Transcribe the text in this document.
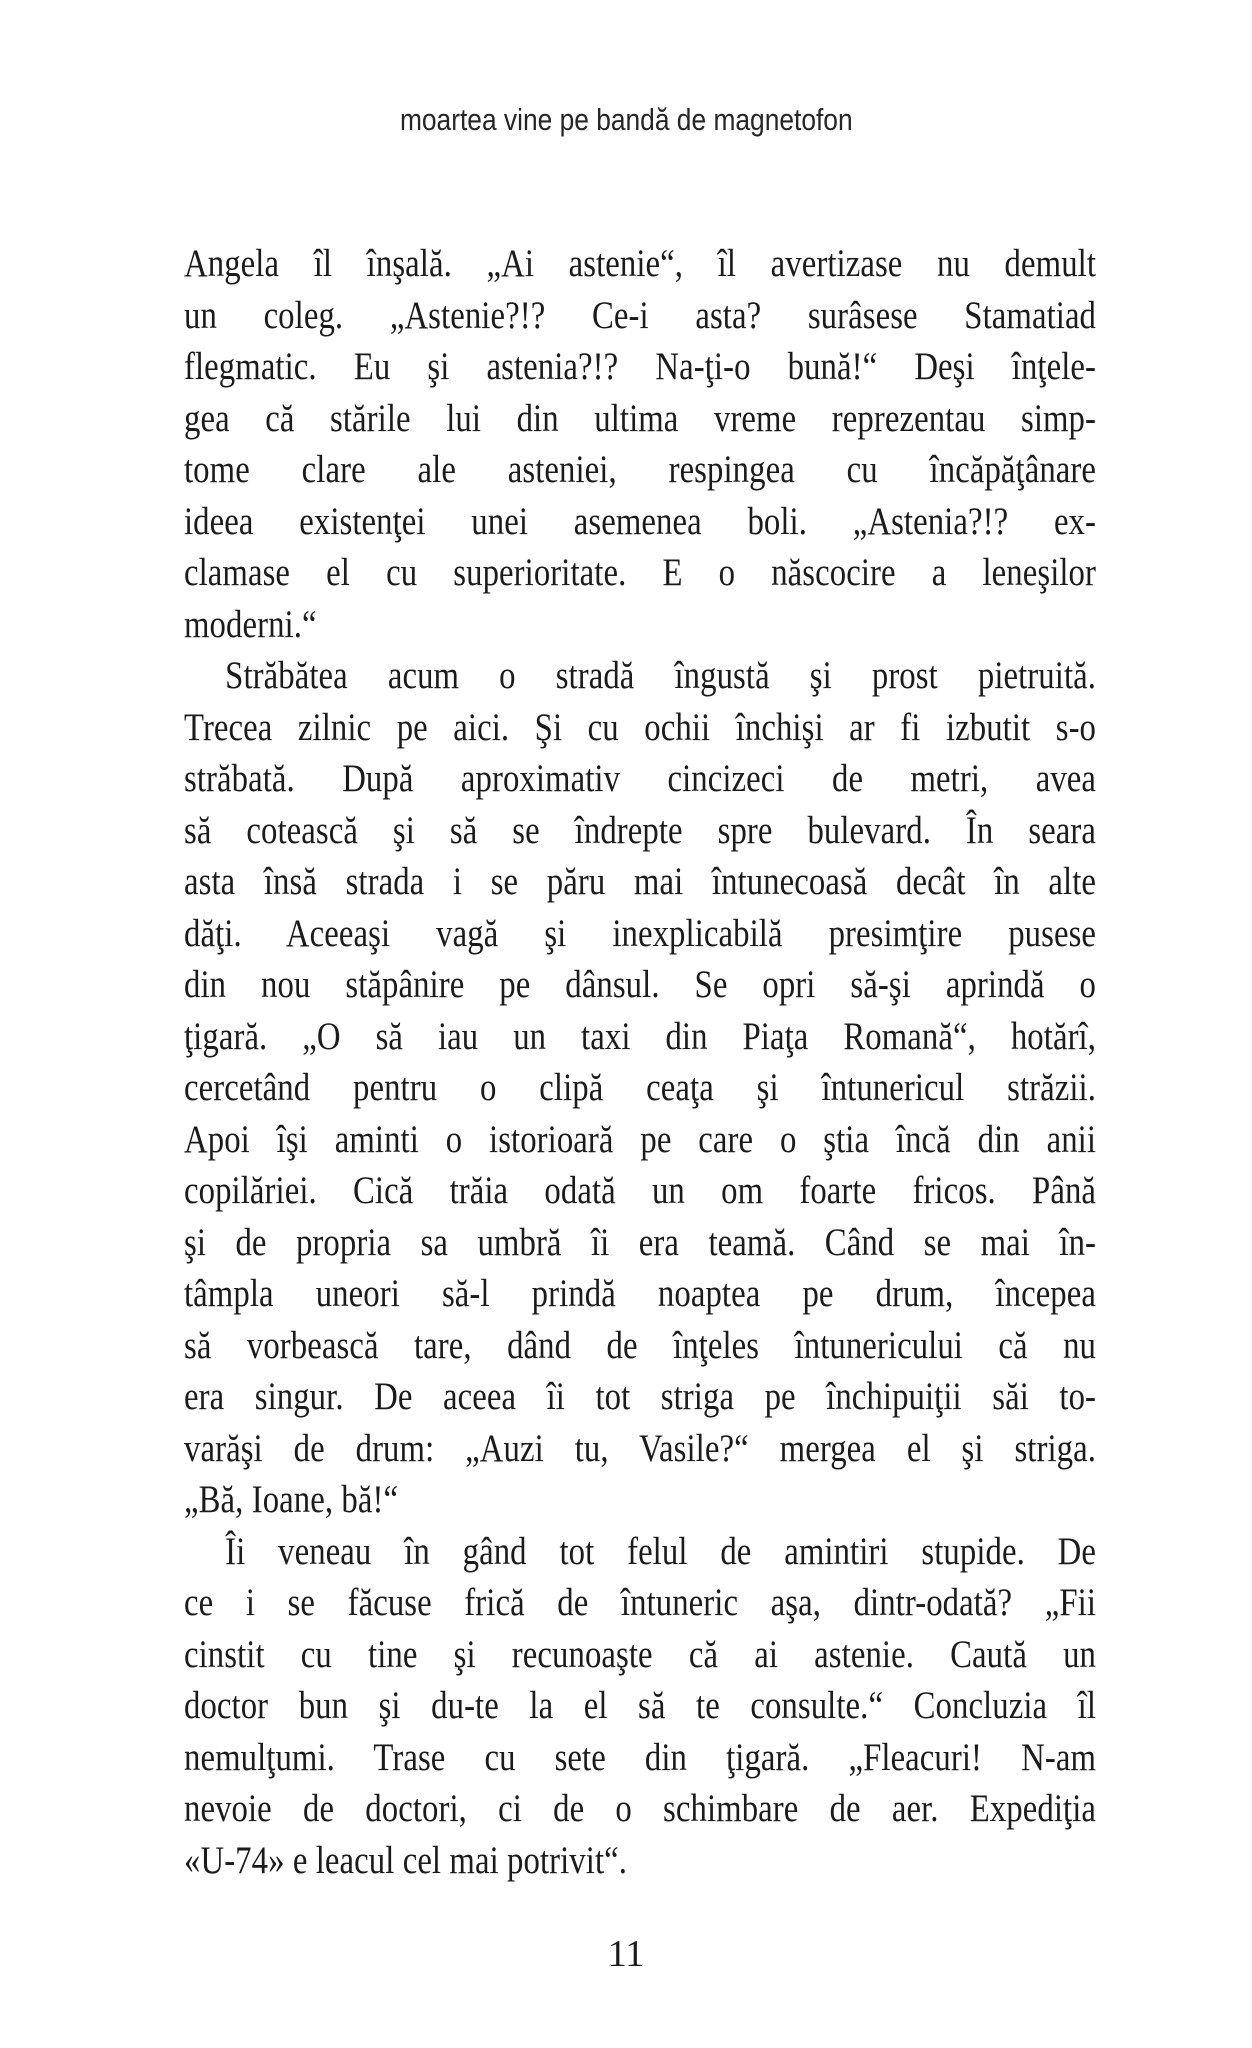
moartea vine pe bandă de magnetofon
Angela îl înşală. „Ai astenie“, îl avertizase nu demult
un coleg. „Astenie?!? Ce-i asta? surâsese Stamatiad
flegmatic. Eu şi astenia?!? Na-ţi-o bună!“ Deşi înţele-
gea că stările lui din ultima vreme reprezentau simp-
tome clare ale asteniei, respingea cu încăpăţânare
ideea existenţei unei asemenea boli. „Astenia?!? ex-
clamase el cu superioritate. E o născocire a leneşilor
moderni.“
Străbătea acum o stradă îngustă şi prost pietruită.
Trecea zilnic pe aici. Şi cu ochii închişi ar fi izbutit s-o
străbată. După aproximativ cincizeci de metri, avea
să cotească şi să se îndrepte spre bulevard. În seara
asta însă strada i se păru mai întunecoasă decât în alte
dăţi. Aceeaşi vagă şi inexplicabilă presimţire pusese
din nou stăpânire pe dânsul. Se opri să-şi aprindă o
ţigară. „O să iau un taxi din Piaţa Romană“, hotărî,
cercetând pentru o clipă ceaţa şi întunericul străzii.
Apoi îşi aminti o istorioară pe care o ştia încă din anii
copilăriei. Cică trăia odată un om foarte fricos. Până
şi de propria sa umbră îi era teamă. Când se mai în-
tâmpla uneori să-l prindă noaptea pe drum, începea
să vorbească tare, dând de înţeles întunericului că nu
era singur. De aceea îi tot striga pe închipuiţii săi to-
varăşi de drum: „Auzi tu, Vasile?“ mergea el şi striga.
„Bă, Ioane, bă!“
Îi veneau în gând tot felul de amintiri stupide. De
ce i se făcuse frică de întuneric aşa, dintr-odată? „Fii
cinstit cu tine şi recunoaşte că ai astenie. Caută un
doctor bun şi du-te la el să te consulte.“ Concluzia îl
nemulţumi. Trase cu sete din ţigară. „Fleacuri! N-am
nevoie de doctori, ci de o schimbare de aer. Expediţia
«U-74» e leacul cel mai potrivit“.
11
